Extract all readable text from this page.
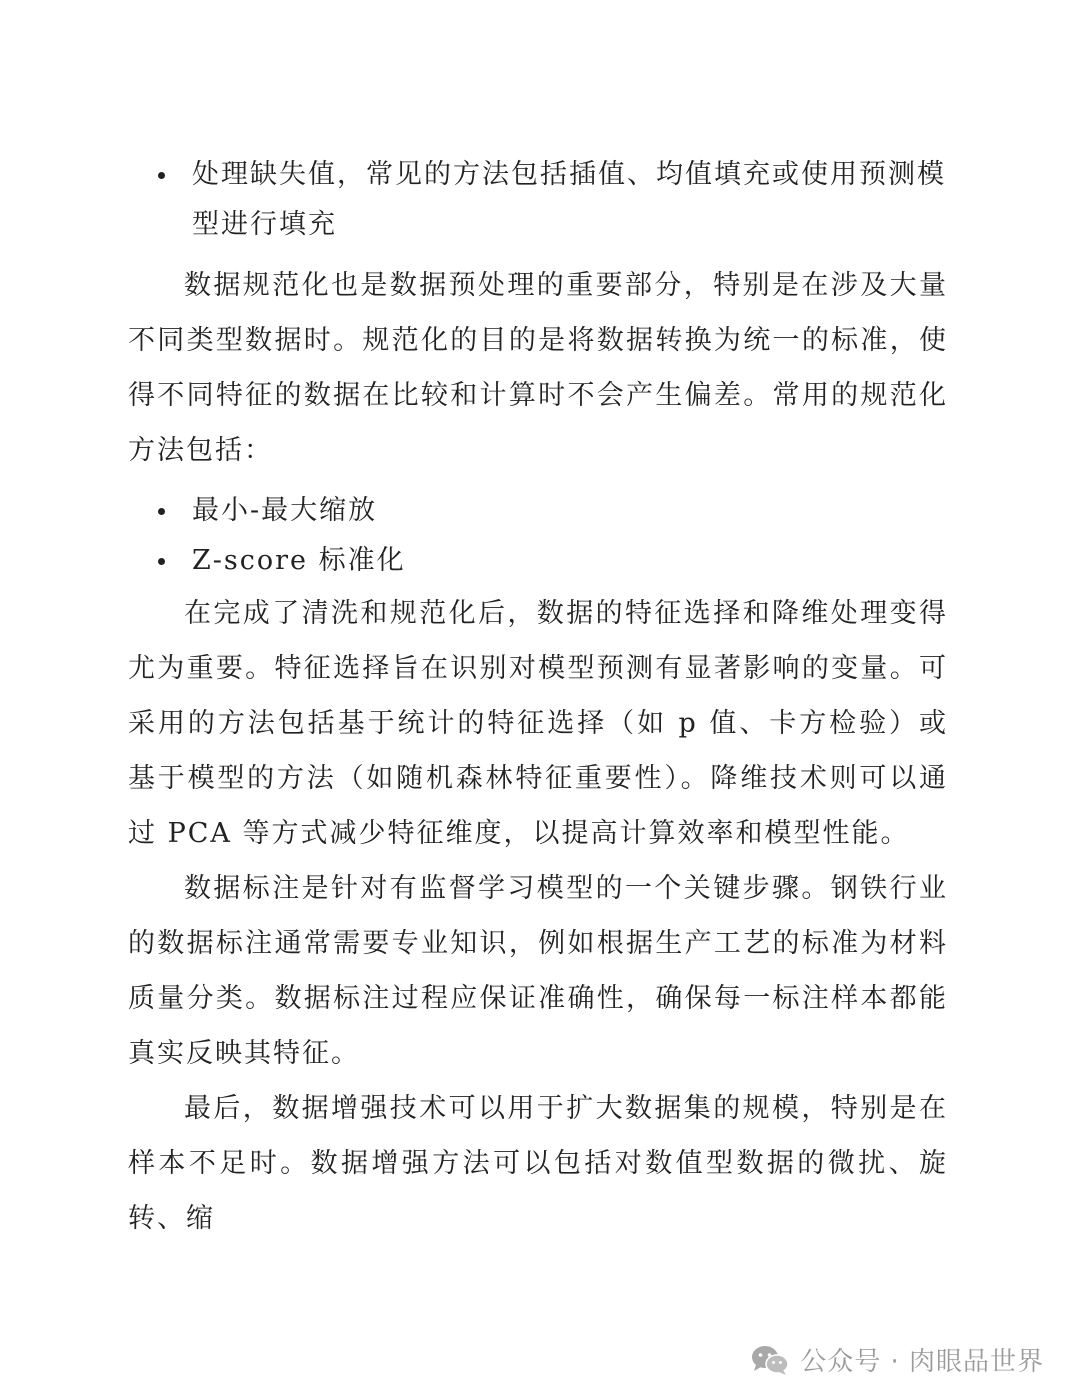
处理缺失值，常见的方法包括插值、均值填充或使用预测模型进行填充

数据规范化也是数据预处理的重要部分，特别是在涉及大量不同类型数据时。规范化的目的是将数据转换为统一的标准，使得不同特征的数据在比较和计算时不会产生偏差。常用的规范化方法包括：

最小-最大缩放
Z-score 标准化

在完成了清洗和规范化后，数据的特征选择和降维处理变得尤为重要。特征选择旨在识别对模型预测有显著影响的变量。可采用的方法包括基于统计的特征选择（如 p 值、卡方检验）或基于模型的方法（如随机森林特征重要性）。降维技术则可以通过 PCA 等方式减少特征维度，以提高计算效率和模型性能。

数据标注是针对有监督学习模型的一个关键步骤。钢铁行业的数据标注通常需要专业知识，例如根据生产工艺的标准为材料质量分类。数据标注过程应保证准确性，确保每一标注样本都能真实反映其特征。

最后，数据增强技术可以用于扩大数据集的规模，特别是在样本不足时。数据增强方法可以包括对数值型数据的微扰、旋转、缩

公众号 · 肉眼品世界
